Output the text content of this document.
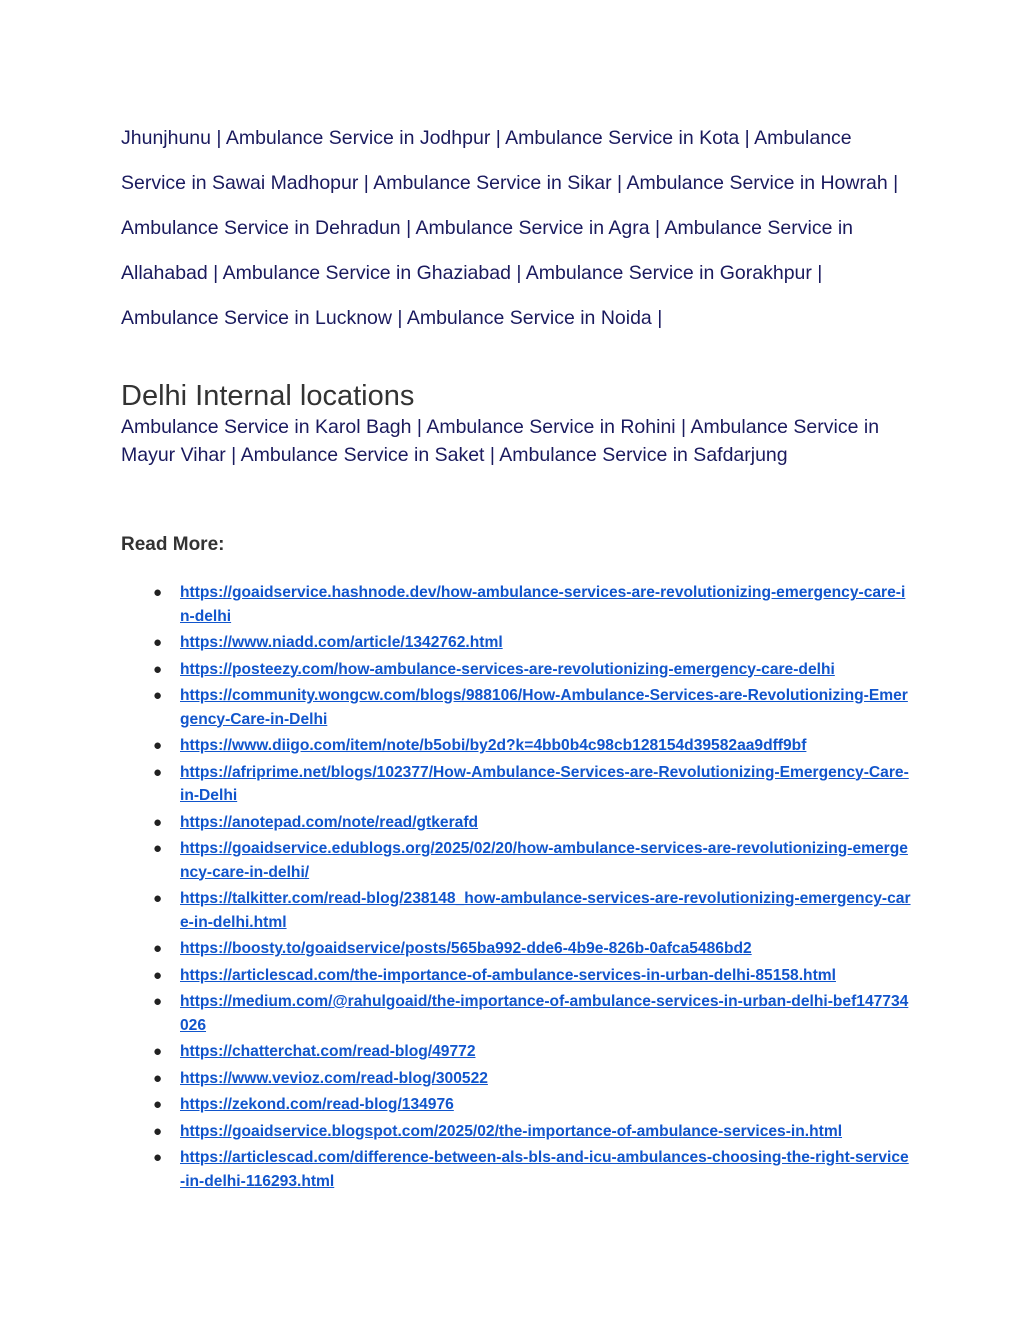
Jhunjhunu | Ambulance Service in Jodhpur | Ambulance Service in Kota | Ambulance Service in Sawai Madhopur | Ambulance Service in Sikar | Ambulance Service in Howrah | Ambulance Service in Dehradun | Ambulance Service in Agra | Ambulance Service in Allahabad | Ambulance Service in Ghaziabad | Ambulance Service in Gorakhpur | Ambulance Service in Lucknow | Ambulance Service in Noida |

Delhi Internal locations

Ambulance Service in Karol Bagh | Ambulance Service in Rohini | Ambulance Service in Mayur Vihar | Ambulance Service in Saket | Ambulance Service in Safdarjung

Read More:
● https://goaidservice.hashnode.dev/how-ambulance-services-are-revolutionizing-emergency-care-in-delhi
● https://www.niadd.com/article/1342762.html
● https://posteezy.com/how-ambulance-services-are-revolutionizing-emergency-care-delhi
● https://community.wongcw.com/blogs/988106/How-Ambulance-Services-are-Revolutionizing-Emergency-Care-in-Delhi
● https://www.diigo.com/item/note/b5obi/by2d?k=4bb0b4c98cb128154d39582aa9dff9bf
● https://afriprime.net/blogs/102377/How-Ambulance-Services-are-Revolutionizing-Emergency-Care-in-Delhi
● https://anotepad.com/note/read/gtkerafd
● https://goaidservice.edublogs.org/2025/02/20/how-ambulance-services-are-revolutionizing-emergency-care-in-delhi/
● https://talkitter.com/read-blog/238148_how-ambulance-services-are-revolutionizing-emergency-care-in-delhi.html
● https://boosty.to/goaidservice/posts/565ba992-dde6-4b9e-826b-0afca5486bd2
● https://articlescad.com/the-importance-of-ambulance-services-in-urban-delhi-85158.html
● https://medium.com/@rahulgoaid/the-importance-of-ambulance-services-in-urban-delhi-bef147734026
● https://chatterchat.com/read-blog/49772
● https://www.vevioz.com/read-blog/300522
● https://zekond.com/read-blog/134976
● https://goaidservice.blogspot.com/2025/02/the-importance-of-ambulance-services-in.html
● https://articlescad.com/difference-between-als-bls-and-icu-ambulances-choosing-the-right-service-in-delhi-116293.html
